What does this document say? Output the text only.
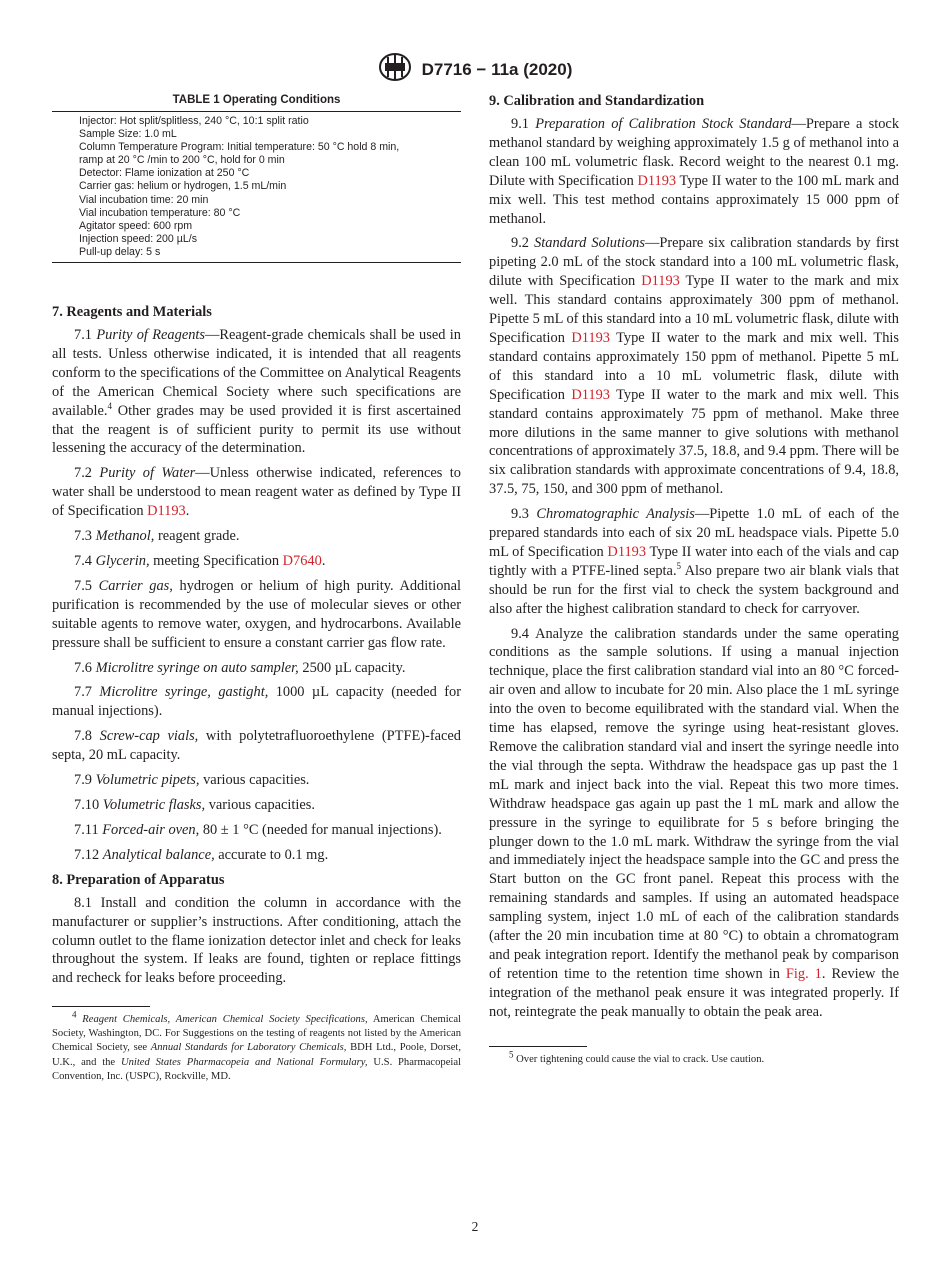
D7716 − 11a (2020)
TABLE 1 Operating Conditions
Injector: Hot split/splitless, 240 °C, 10:1 split ratio
Sample Size: 1.0 mL
Column Temperature Program: Initial temperature: 50 °C hold 8 min,
ramp at 20 °C /min to 200 °C, hold for 0 min
Detector: Flame ionization at 250 °C
Carrier gas: helium or hydrogen, 1.5 mL/min
Vial incubation time: 20 min
Vial incubation temperature: 80 °C
Agitator speed: 600 rpm
Injection speed: 200 µL/s
Pull-up delay: 5 s
7. Reagents and Materials

7.1 Purity of Reagents—Reagent-grade chemicals shall be used in all tests. Unless otherwise indicated, it is intended that all reagents conform to the specifications of the Committee on Analytical Reagents of the American Chemical Society where such specifications are available.$^4$ Other grades may be used provided it is first ascertained that the reagent is of sufficient purity to permit its use without lessening the accuracy of the determination.

7.2 Purity of Water—Unless otherwise indicated, references to water shall be understood to mean reagent water as defined by Type II of Specification D1193.

7.3 Methanol, reagent grade.

7.4 Glycerin, meeting Specification D7640.

7.5 Carrier gas, hydrogen or helium of high purity. Additional purification is recommended by the use of molecular sieves or other suitable agents to remove water, oxygen, and hydrocarbons. Available pressure shall be sufficient to ensure a constant carrier gas flow rate.

7.6 Microlitre syringe on auto sampler, 2500 µL capacity.

7.7 Microlitre syringe, gastight, 1000 µL capacity (needed for manual injections).

7.8 Screw-cap vials, with polytetrafluoroethylene (PTFE)-faced septa, 20 mL capacity.

7.9 Volumetric pipets, various capacities.

7.10 Volumetric flasks, various capacities.

7.11 Forced-air oven, 80 ± 1 °C (needed for manual injections).

7.12 Analytical balance, accurate to 0.1 mg.

8. Preparation of Apparatus

8.1 Install and condition the column in accordance with the manufacturer or supplier’s instructions. After conditioning, attach the column outlet to the flame ionization detector inlet and check for leaks throughout the system. If leaks are found, tighten or replace fittings and recheck for leaks before proceeding.

$^4$ Reagent Chemicals, American Chemical Society Specifications, American Chemical Society, Washington, DC. For Suggestions on the testing of reagents not listed by the American Chemical Society, see Annual Standards for Laboratory Chemicals, BDH Ltd., Poole, Dorset, U.K., and the United States Pharmacopeia and National Formulary, U.S. Pharmacopeial Convention, Inc. (USPC), Rockville, MD.

9. Calibration and Standardization

9.1 Preparation of Calibration Stock Standard—Prepare a stock methanol standard by weighing approximately 1.5 g of methanol into a clean 100 mL volumetric flask. Record weight to the nearest 0.1 mg. Dilute with Specification D1193 Type II water to the 100 mL mark and mix well. This test method contains approximately 15 000 ppm of methanol.

9.2 Standard Solutions—Prepare six calibration standards by first pipeting 2.0 mL of the stock standard into a 100 mL volumetric flask, dilute with Specification D1193 Type II water to the mark and mix well. This standard contains approximately 300 ppm of methanol. Pipette 5 mL of this standard into a 10 mL volumetric flask, dilute with Specification D1193 Type II water to the mark and mix well. This standard contains approximately 150 ppm of methanol. Pipette 5 mL of this standard into a 10 mL volumetric flask, dilute with Specification D1193 Type II water to the mark and mix well. This standard contains approximately 75 ppm of methanol. Make three more dilutions in the same manner to give solutions with methanol concentrations of approximately 37.5, 18.8, and 9.4 ppm. There will be six calibration standards with approximate concentrations of 9.4, 18.8, 37.5, 75, 150, and 300 ppm of methanol.

9.3 Chromatographic Analysis—Pipette 1.0 mL of each of the prepared standards into each of six 20 mL headspace vials. Pipette 5.0 mL of Specification D1193 Type II water into each of the vials and cap tightly with a PTFE-lined septa.$^5$ Also prepare two air blank vials that should be run for the first vial to check the system background and also after the highest calibration standard to check for carryover.

9.4 Analyze the calibration standards under the same operating conditions as the sample solutions. If using a manual injection technique, place the first calibration standard vial into an 80 °C forced-air oven and allow to incubate for 20 min. Also place the 1 mL syringe into the oven to become equilibrated with the standard vial. When the time has elapsed, remove the syringe using heat-resistant gloves. Remove the calibration standard vial and insert the syringe needle into the vial through the septa. Withdraw the headspace gas up past the 1 mL mark and inject back into the vial. Repeat this two more times. Withdraw headspace gas again up past the 1 mL mark and allow the pressure in the syringe to equilibrate for 5 s before bringing the plunger down to the 1.0 mL mark. Withdraw the syringe from the vial and immediately inject the headspace sample into the GC and press the Start button on the GC front panel. Repeat this process with the remaining standards and samples. If using an automated headspace sampling system, inject 1.0 mL of each of the calibration standards (after the 20 min incubation time at 80 °C) to obtain a chromatogram and peak integration report. Identify the methanol peak by comparison of retention time to the retention time shown in Fig. 1. Review the integration of the methanol peak ensure it was integrated properly. If not, reintegrate the peak manually to obtain the peak area.

$^5$ Over tightening could cause the vial to crack. Use caution.

2
